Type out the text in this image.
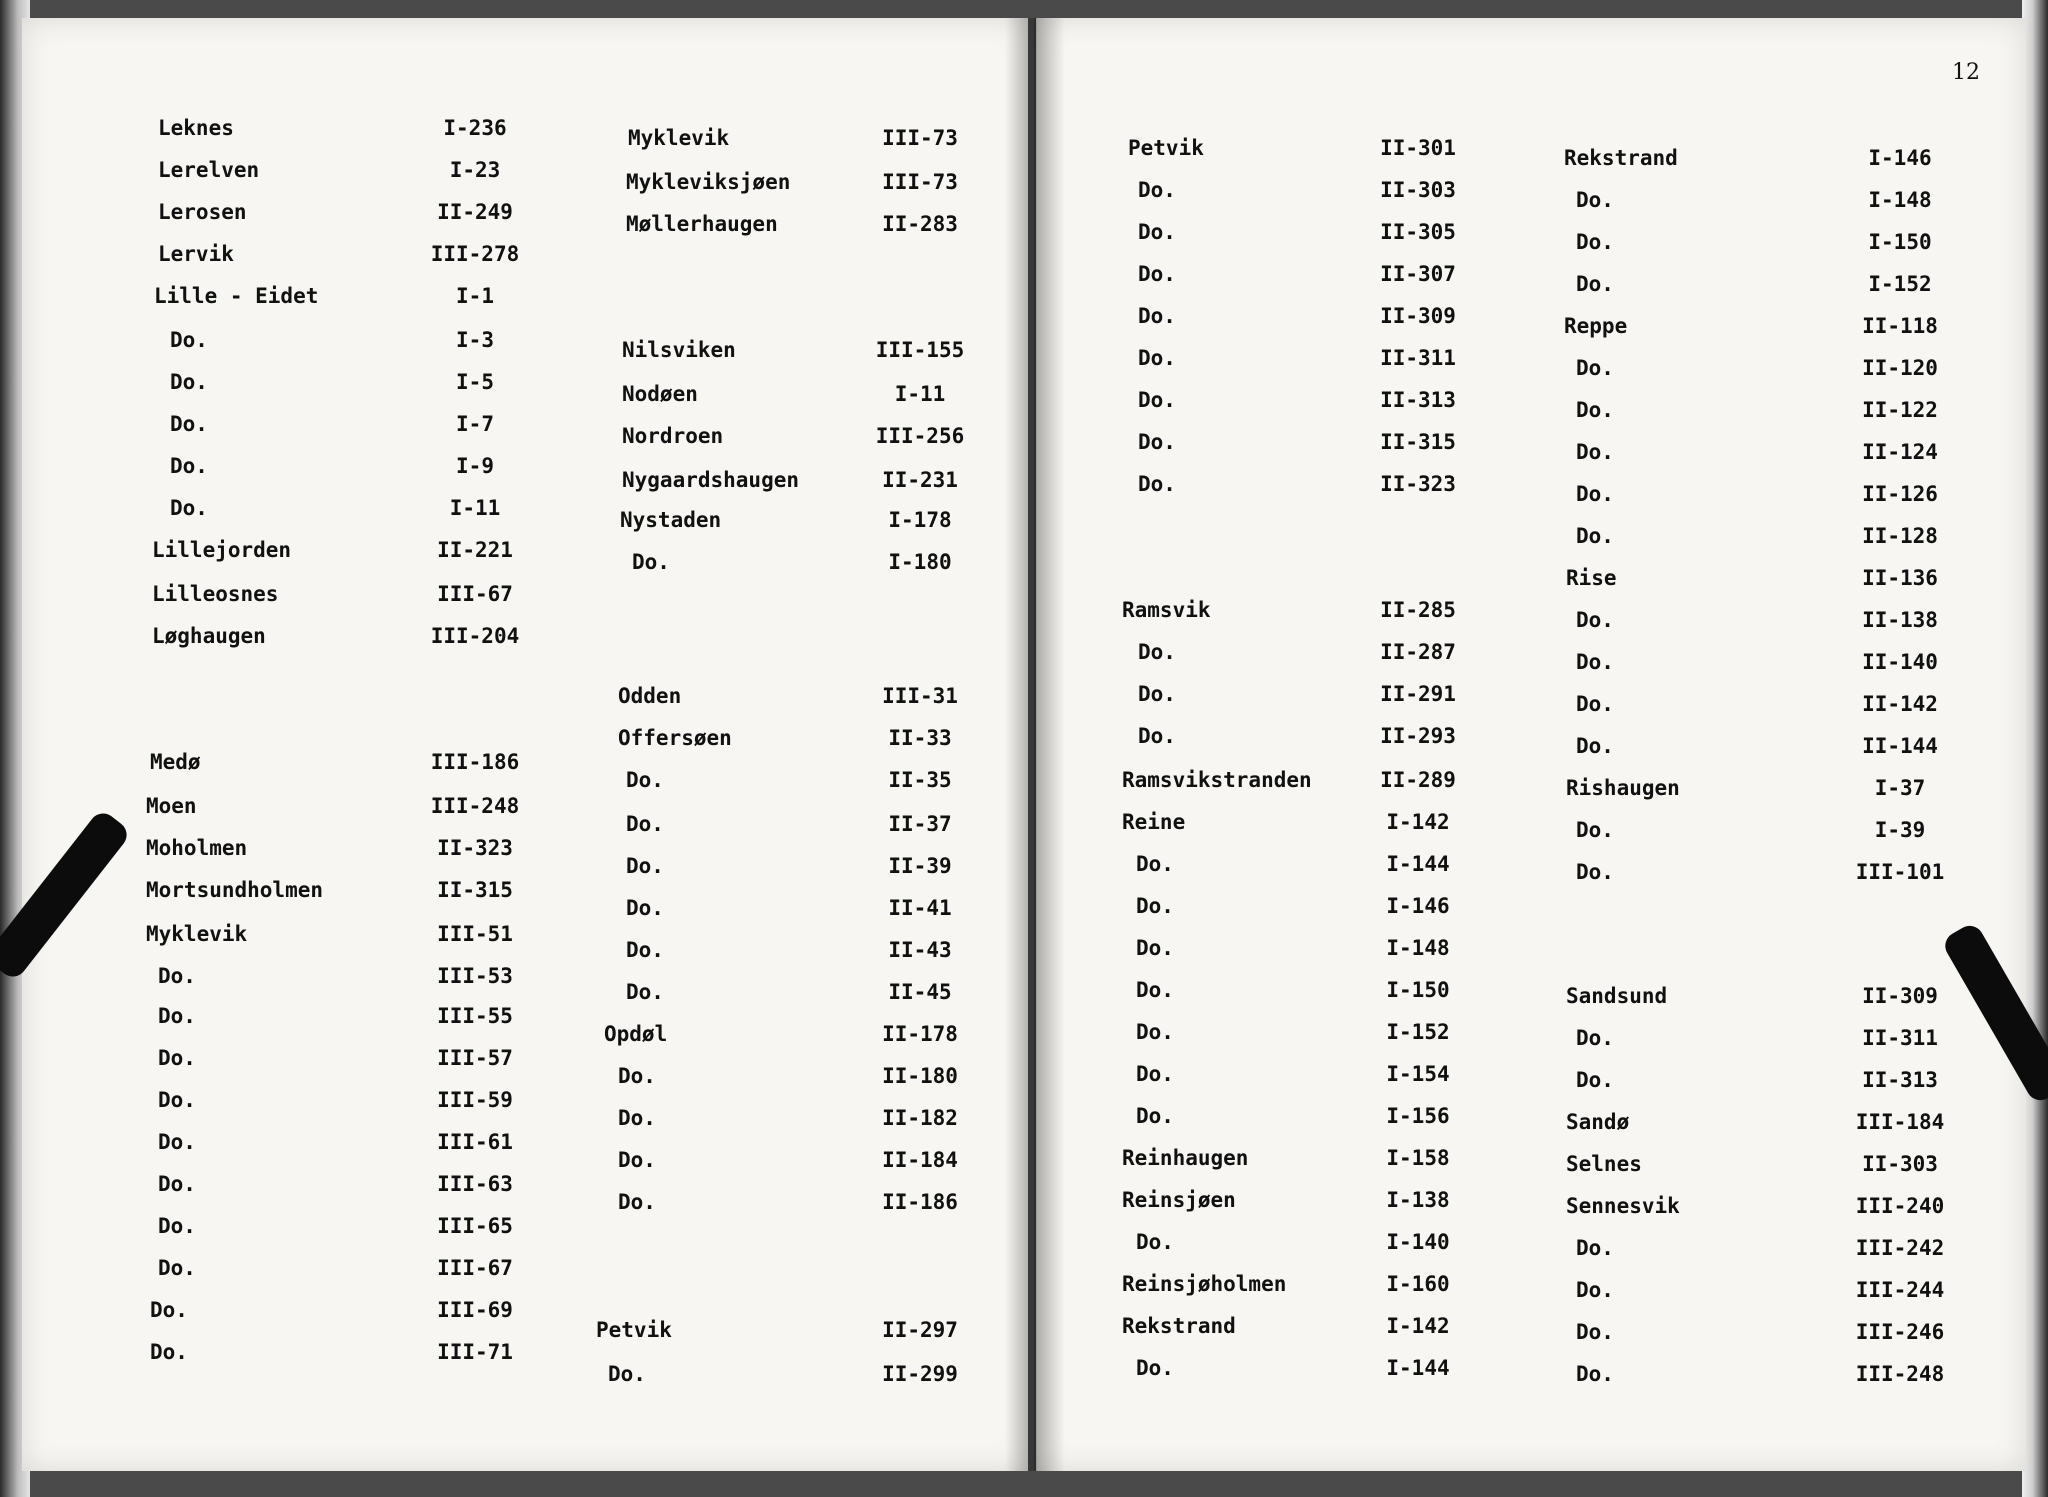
12
Leknes	I-236
Lerelven	I-23
Lerosen	II-249
Lervik	III-278
Lille - Eidet	I-1
Do.	I-3
Do.	I-5
Do.	I-7
Do.	I-9
Do.	I-11
Lillejorden	II-221
Lilleosnes	III-67
Løghaugen	III-204
Medø	III-186
Moen	III-248
Moholmen	II-323
Mortsundholmen	II-315
Myklevik	III-51
Do.	III-53
Do.	III-55
Do.	III-57
Do.	III-59
Do.	III-61
Do.	III-63
Do.	III-65
Do.	III-67
Do.	III-69
Do.	III-71
Myklevik	III-73
Mykleviksjøen	III-73
Møllerhaugen	II-283
Nilsviken	III-155
Nodøen	I-11
Nordroen	III-256
Nygaardshaugen	II-231
Nystaden	I-178
Do.	I-180
Odden	III-31
Offersøen	II-33
Do.	II-35
Do.	II-37
Do.	II-39
Do.	II-41
Do.	II-43
Do.	II-45
Opdøl	II-178
Do.	II-180
Do.	II-182
Do.	II-184
Do.	II-186
Petvik	II-297
Do.	II-299
Petvik	II-301
Do.	II-303
Do.	II-305
Do.	II-307
Do.	II-309
Do.	II-311
Do.	II-313
Do.	II-315
Do.	II-323
Ramsvik	II-285
Do.	II-287
Do.	II-291
Do.	II-293
Ramsvikstranden	II-289
Reine	I-142
Do.	I-144
Do.	I-146
Do.	I-148
Do.	I-150
Do.	I-152
Do.	I-154
Do.	I-156
Reinhaugen	I-158
Reinsjøen	I-138
Do.	I-140
Reinsjøholmen	I-160
Rekstrand	I-142
Do.	I-144
Rekstrand	I-146
Do.	I-148
Do.	I-150
Do.	I-152
Reppe	II-118
Do.	II-120
Do.	II-122
Do.	II-124
Do.	II-126
Do.	II-128
Rise	II-136
Do.	II-138
Do.	II-140
Do.	II-142
Do.	II-144
Rishaugen	I-37
Do.	I-39
Do.	III-101
Sandsund	II-309
Do.	II-311
Do.	II-313
Sandø	III-184
Selnes	II-303
Sennesvik	III-240
Do.	III-242
Do.	III-244
Do.	III-246
Do.	III-248
